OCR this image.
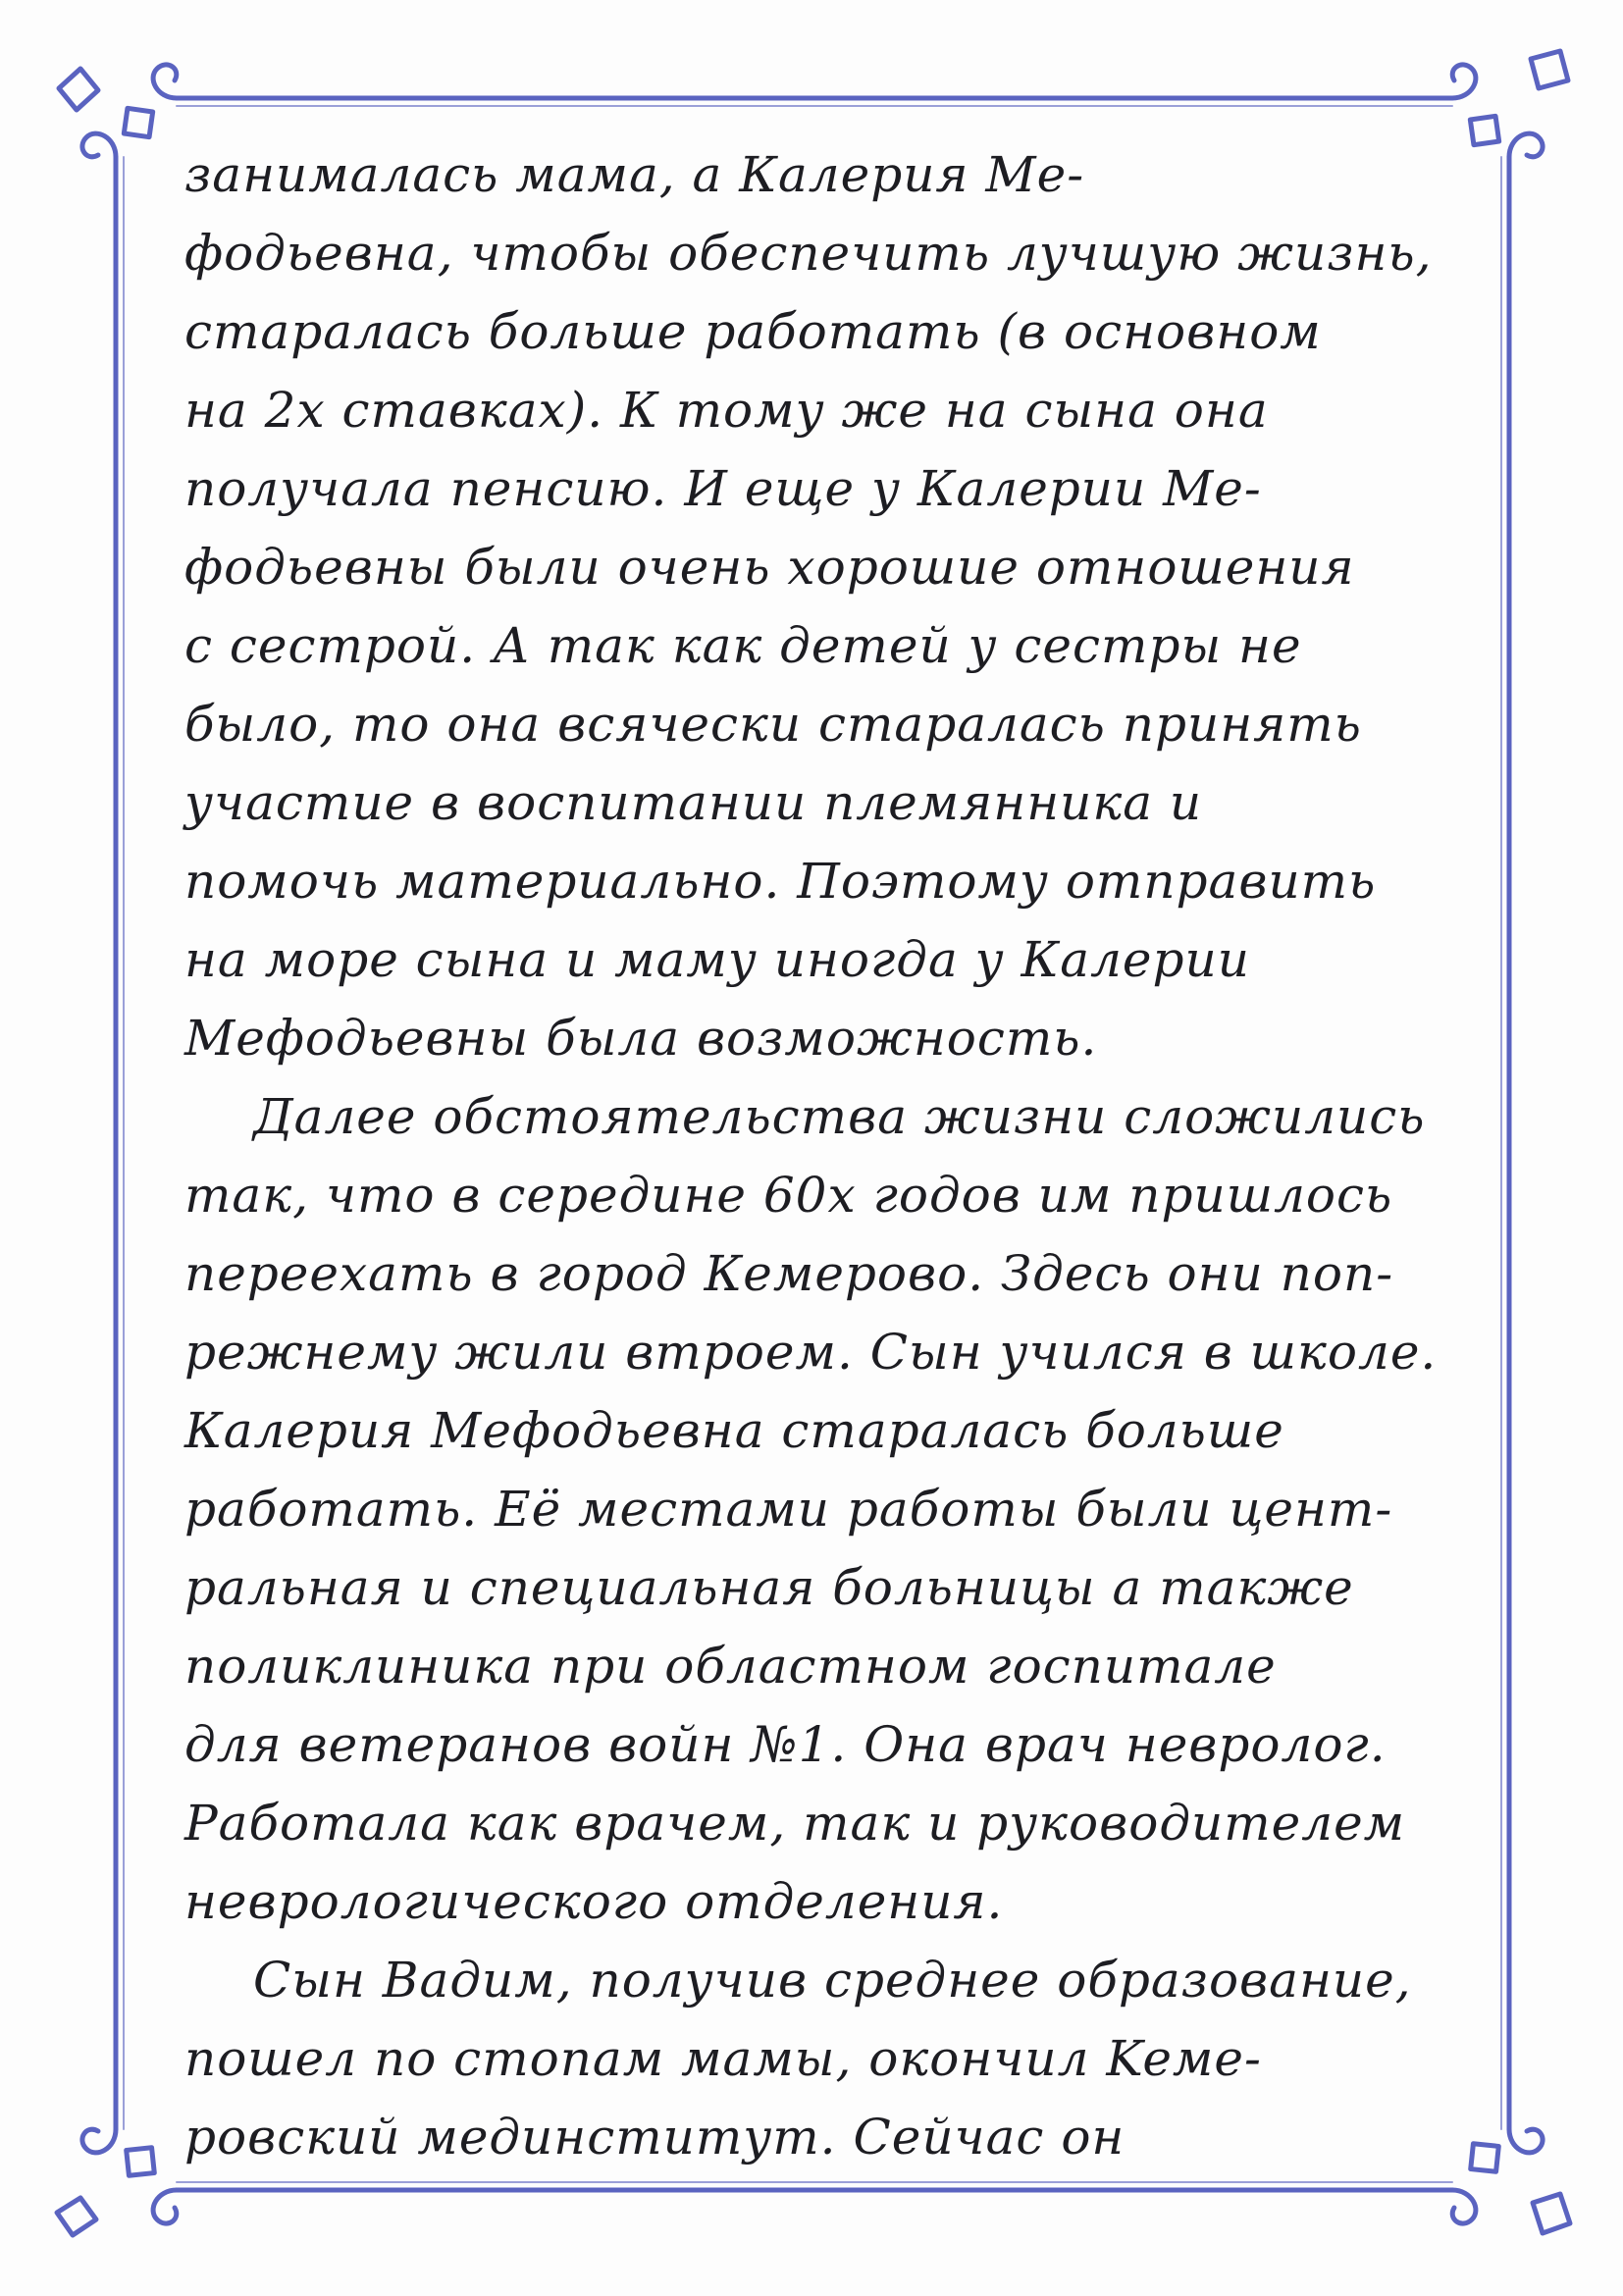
занималась мама, а Калерия Ме-
фодьевна, чтобы обеспечить лучшую жизнь,
старалась больше работать (в основном
на 2х ставках). К тому же на сына она
получала пенсию. И еще у Калерии Ме-
фодьевны были очень хорошие отношения
с сестрой. А так как детей у сестры не
было, то она всячески старалась принять
участие в воспитании племянника и
помочь материально. Поэтому отправить
на море сына и маму иногда у Калерии
Мефодьевны была возможность.
Далее обстоятельства жизни сложились
так, что в середине 60х годов им пришлось
переехать в город Кемерово. Здесь они поп-
режнему жили втроем. Сын учился в школе.
Калерия Мефодьевна старалась больше
работать. Её местами работы были цент-
ральная и специальная больницы а также
поликлиника при областном госпитале
для ветеранов войн №1. Она врач невролог.
Работала как врачем, так и руководителем
неврологического отделения.
Сын Вадим, получив среднее образование,
пошел по стопам мамы, окончил Keме-
ровский мединститут. Сейчас он
